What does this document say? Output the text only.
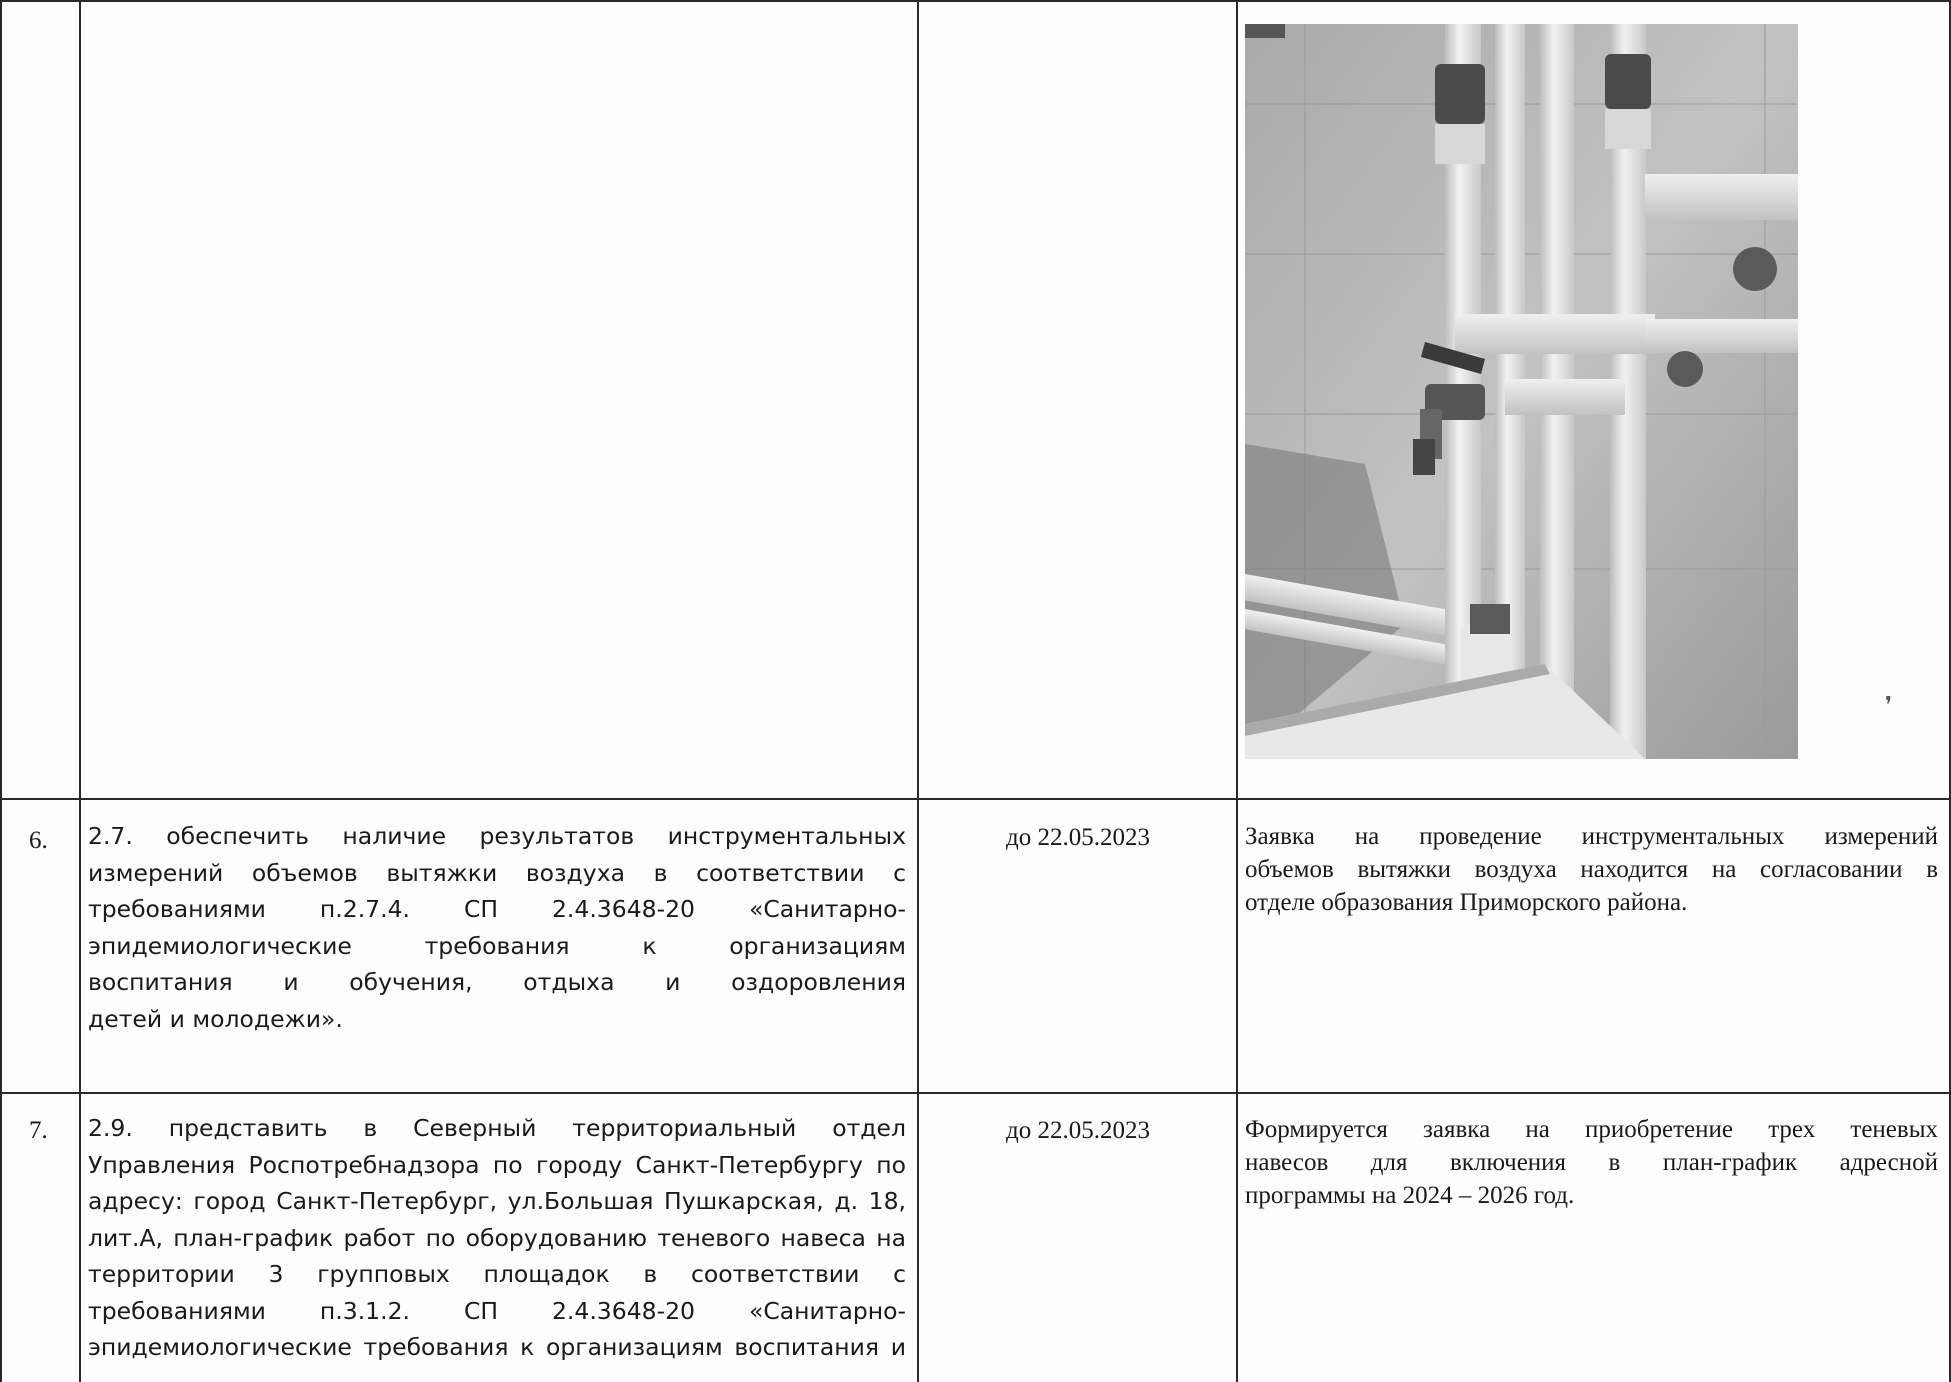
❜
6. 2.7. обеспечить наличие результатов инструментальных

измерений объемов вытяжки воздуха в соответствии с

требованиями п.2.7.4. СП 2.4.3648-20 «Санитарно-

эпидемиологические требования к организациям

воспитания и обучения, отдыха и оздоровления

детей и молодежи».

до 22.05.2023	Заявка на проведение инструментальных измерений

объемов вытяжки воздуха находится на согласовании в

отделе образования Приморского района.

7. 2.9. представить в Северный территориальный отдел

Управления Роспотребнадзора по городу Санкт-Петербургу по

адресу: город Санкт-Петербург, ул.Большая Пушкарская, д. 18,

лит.А, план-график работ по оборудованию теневого навеса на

территории 3 групповых площадок в соответствии с

требованиями п.3.1.2. СП 2.4.3648-20 «Санитарно-

эпидемиологические требования к организациям воспитания и

до 22.05.2023	Формируется заявка на приобретение трех теневых

навесов для включения в план-график адресной

программы на 2024 – 2026 год.
